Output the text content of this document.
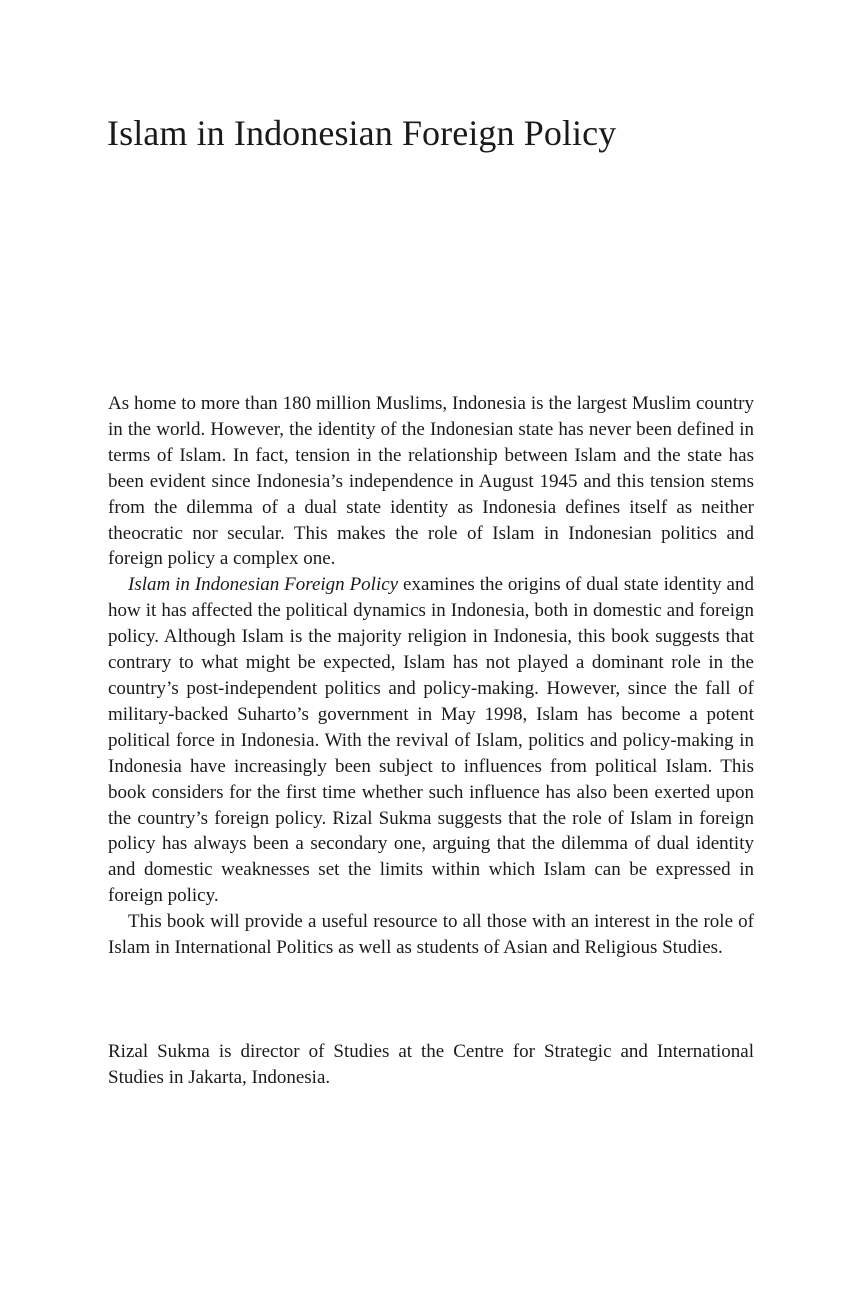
Islam in Indonesian Foreign Policy

As home to more than 180 million Muslims, Indonesia is the largest Muslim country in the world. However, the identity of the Indonesian state has never been defined in terms of Islam. In fact, tension in the relationship between Islam and the state has been evident since Indonesia’s independence in August 1945 and this tension stems from the dilemma of a dual state identity as Indonesia defines itself as neither theocratic nor secular. This makes the role of Islam in Indonesian politics and foreign policy a complex one.

Islam in Indonesian Foreign Policy examines the origins of dual state identity and how it has affected the political dynamics in Indonesia, both in domestic and foreign policy. Although Islam is the majority religion in Indonesia, this book suggests that contrary to what might be expected, Islam has not played a dominant role in the country’s post-independent politics and policy-making. However, since the fall of military-backed Suharto’s government in May 1998, Islam has become a potent political force in Indonesia. With the revival of Islam, politics and policy-making in Indonesia have increasingly been subject to influences from political Islam. This book considers for the first time whether such influence has also been exerted upon the country’s foreign policy. Rizal Sukma suggests that the role of Islam in foreign policy has always been a secondary one, arguing that the dilemma of dual identity and domestic weaknesses set the limits within which Islam can be expressed in foreign policy.

This book will provide a useful resource to all those with an interest in the role of Islam in International Politics as well as students of Asian and Religious Studies.

Rizal Sukma is director of Studies at the Centre for Strategic and International Studies in Jakarta, Indonesia.
